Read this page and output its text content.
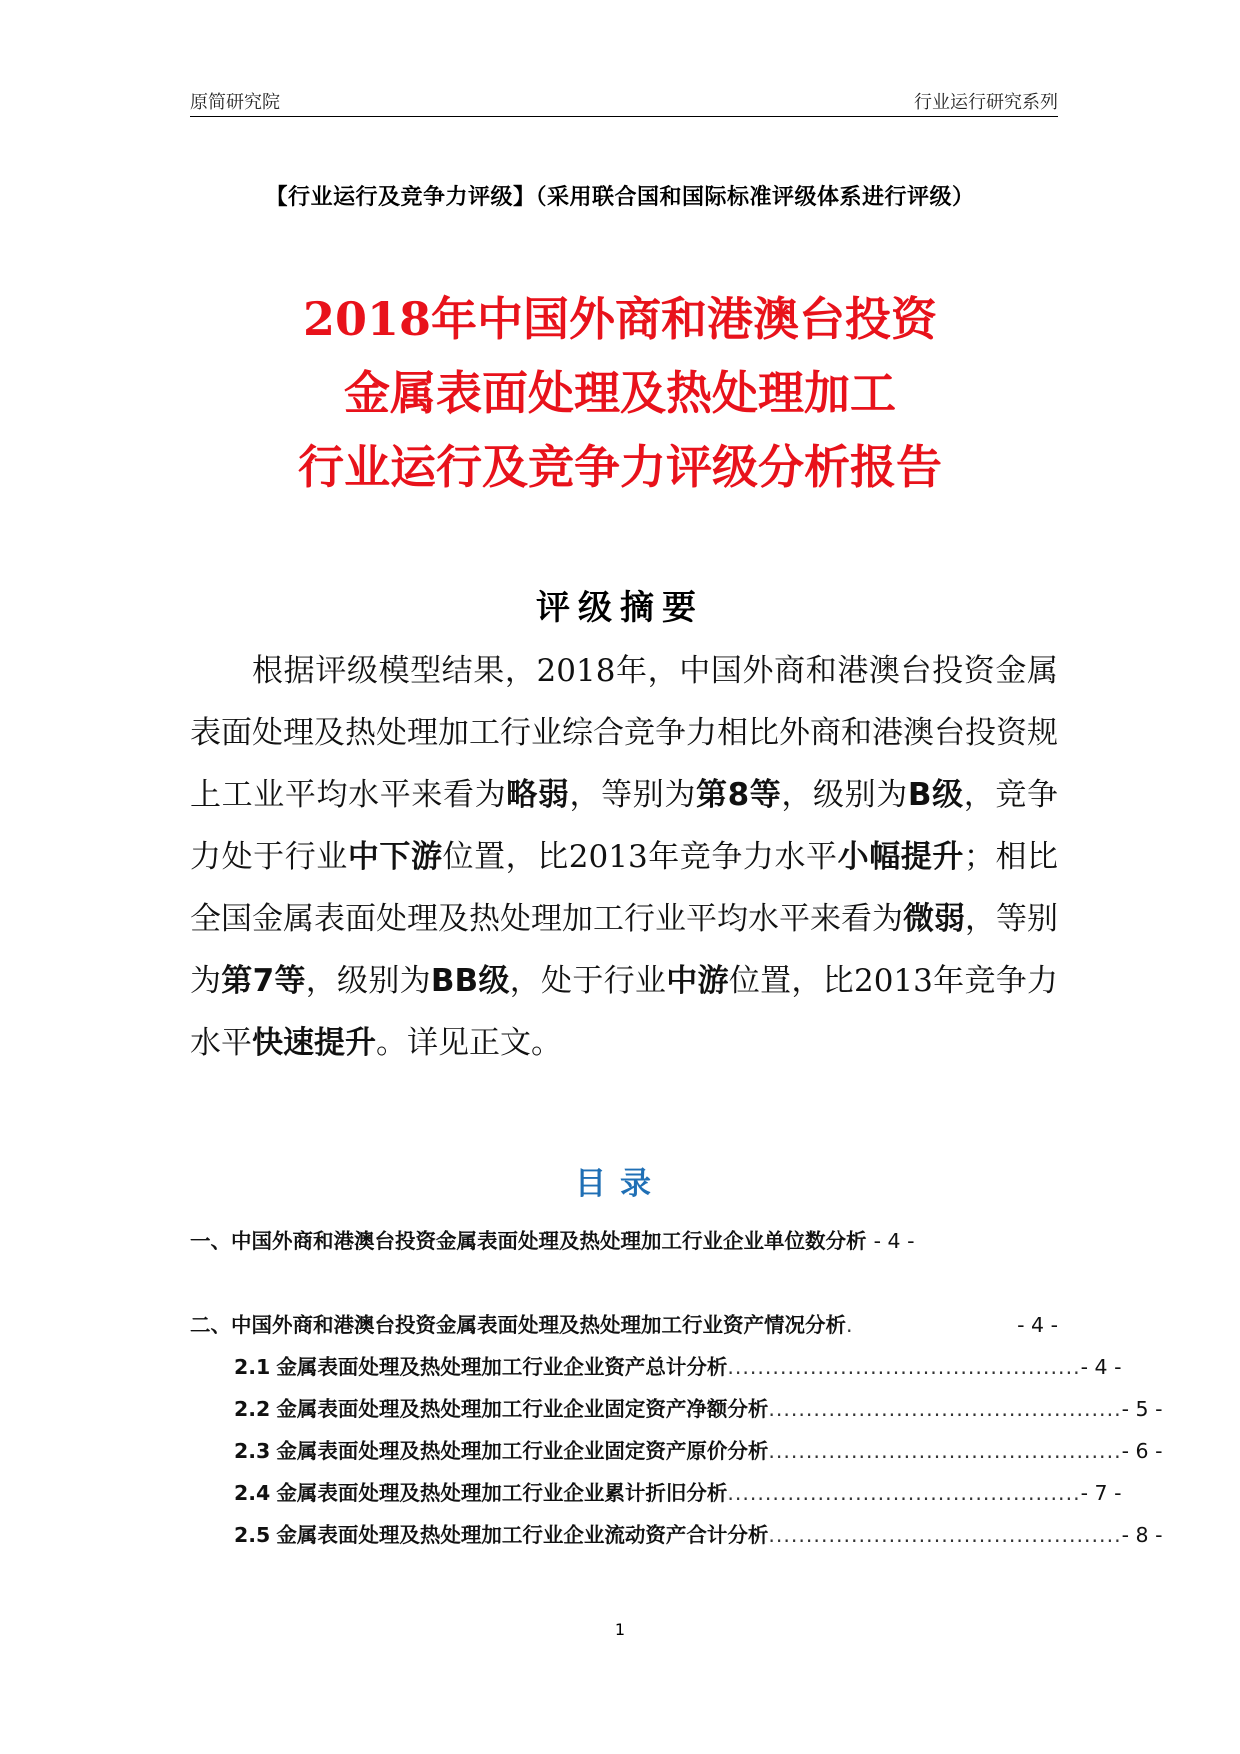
原简研究院	行业运行研究系列
【行业运行及竞争力评级】（采用联合国和国际标准评级体系进行评级）
2018年中国外商和港澳台投资
金属表面处理及热处理加工
行业运行及竞争力评级分析报告
评级摘要
根据评级模型结果，2018年，中国外商和港澳台投资金属表面处理及热处理加工行业综合竞争力相比外商和港澳台投资规上工业平均水平来看为略弱，等别为第8等，级别为B级，竞争力处于行业中下游位置，比2013年竞争力水平小幅提升；相比全国金属表面处理及热处理加工行业平均水平来看为微弱，等别为第7等，级别为BB级，处于行业中游位置，比2013年竞争力水平快速提升。详见正文。
目录
一、中国外商和港澳台投资金属表面处理及热处理加工行业企业单位数分析 - 4 -
二、中国外商和港澳台投资金属表面处理及热处理加工行业资产情况分析 .	- 4 -
2.1 金属表面处理及热处理加工行业企业资产总计分析 ............................................... - 4 -
2.2 金属表面处理及热处理加工行业企业固定资产净额分析 ............................................... - 5 -
2.3 金属表面处理及热处理加工行业企业固定资产原价分析 ............................................... - 6 -
2.4 金属表面处理及热处理加工行业企业累计折旧分析 ............................................... - 7 -
2.5 金属表面处理及热处理加工行业企业流动资产合计分析 ............................................... - 8 -
1
